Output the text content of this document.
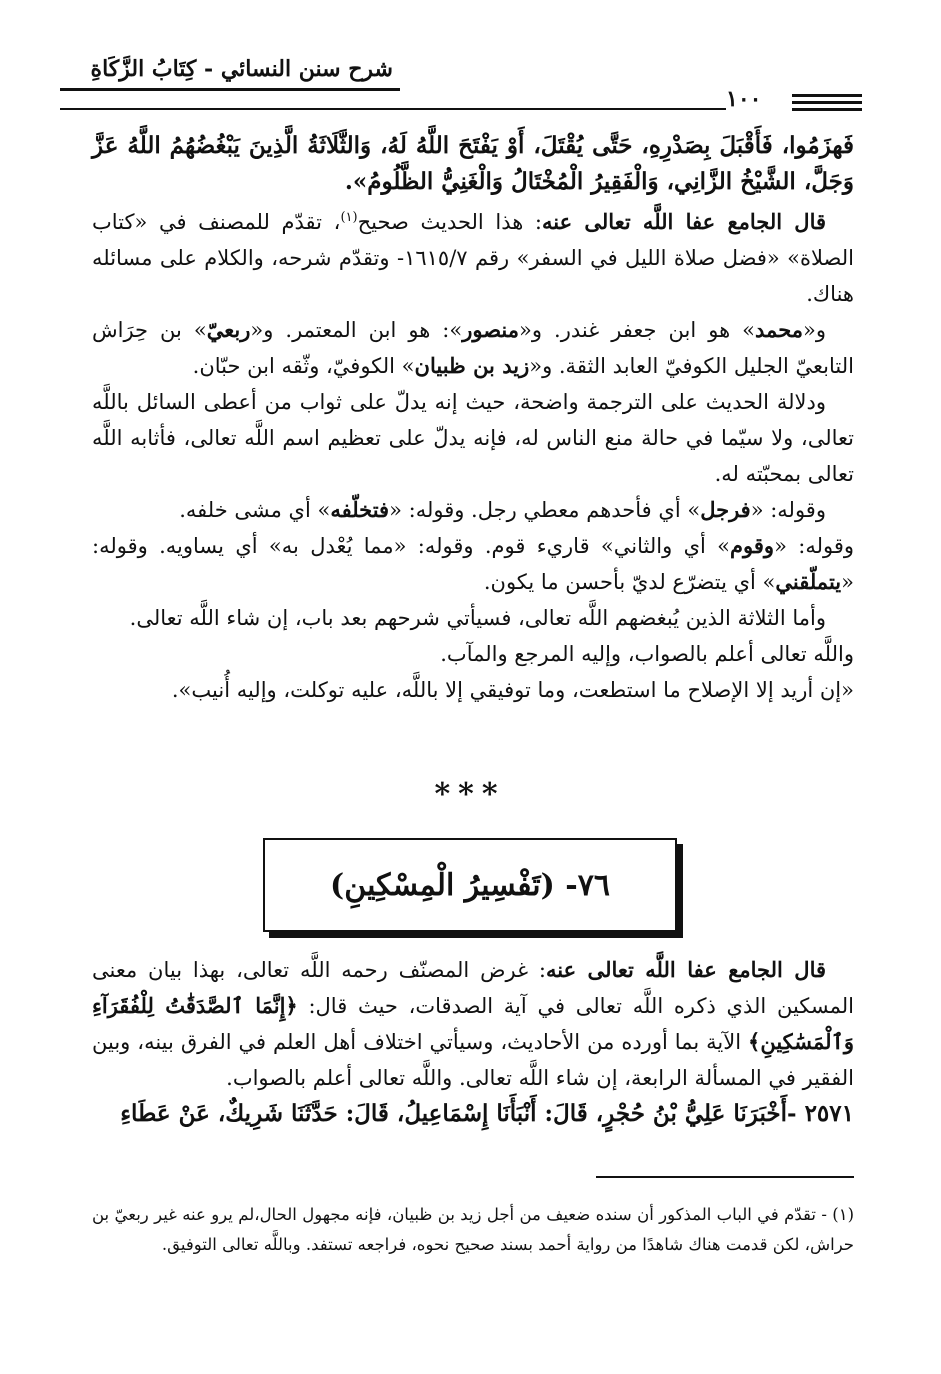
شرح سنن النسائي - كِتَابُ الزَّكَاةِ
١٠٠

فَهزَمُوا، فَأَقْبَلَ بِصَدْرِهِ، حَتَّى يُقْتَلَ، أَوْ يَفْتَحَ اللَّهُ لَهُ، وَالثَّلَاثَةُ الَّذِينَ يَبْغُضُهُمُ اللَّهُ عَزَّ وَجَلَّ، الشَّيْخُ الزَّانِي، وَالْفَقِيرُ الْمُخْتَالُ وَالْغَنِيُّ الظَّلُومُ».

قال الجامع عفا اللَّه تعالى عنه: هذا الحديث صحيح$^{(١)}$، تقدّم للمصنف في «كتاب الصلاة» «فضل صلاة الليل في السفر» رقم ١٦١٥/٧- وتقدّم شرحه، والكلام على مسائله هناك.

و«محمد» هو ابن جعفر غندر. و«منصور»: هو ابن المعتمر. و«ربعيّ» بن حِرَاش التابعيّ الجليل الكوفيّ العابد الثقة. و«زيد بن ظبيان» الكوفيّ، وثّقه ابن حبّان.

ودلالة الحديث على الترجمة واضحة، حيث إنه يدلّ على ثواب من أعطى السائل باللَّه تعالى، ولا سيّما في حالة منع الناس له، فإنه يدلّ على تعظيم اسم اللَّه تعالى، فأثابه اللَّه تعالى بمحبّته له.

وقوله: «فرجل» أي فأحدهم معطي رجل. وقوله: «فتخلّفه» أي مشى خلفه.

وقوله: «وقوم» أي والثاني» قاريء قوم. وقوله: «مما يُعْدل به» أي يساويه. وقوله: «يتملّقني» أي يتضرّع لديّ بأحسن ما يكون.

وأما الثلاثة الذين يُبغضهم اللَّه تعالى، فسيأتي شرحهم بعد باب، إن شاء اللَّه تعالى.

واللَّه تعالى أعلم بالصواب، وإليه المرجع والمآب.

«إن أريد إلا الإصلاح ما استطعت، وما توفيقي إلا باللَّه، عليه توكلت، وإليه أُنيب».

***
٧٦- (تَفْسِيرُ الْمِسْكِينِ)

قال الجامع عفا اللَّه تعالى عنه: غرض المصنّف رحمه اللَّه تعالى، بهذا بيان معنى المسكين الذي ذكره اللَّه تعالى في آية الصدقات، حيث قال: ﴿إِنَّمَا ٱلصَّدَقَٰتُ لِلْفُقَرَآءِ وَٱلْمَسَٰكِينِ﴾ الآية بما أورده من الأحاديث، وسيأتي اختلاف أهل العلم في الفرق بينه، وبين الفقير في المسألة الرابعة، إن شاء اللَّه تعالى. واللَّه تعالى أعلم بالصواب.

٢٥٧١ -أَخْبَرَنَا عَلِيُّ بْنُ حُجْرٍ، قَالَ: أَنْبَأَنَا إِسْمَاعِيلُ، قَالَ: حَدَّثَنَا شَرِيكٌ، عَنْ عَطَاءِ

(١) - تقدّم في الباب المذكور أن سنده ضعيف من أجل زيد بن ظبيان، فإنه مجهول الحال،لم يرو عنه غير ربعيّ بن حراش، لكن قدمت هناك شاهدًا من رواية أحمد بسند صحيح نحوه، فراجعه تستفد. وباللَّه تعالى التوفيق.
